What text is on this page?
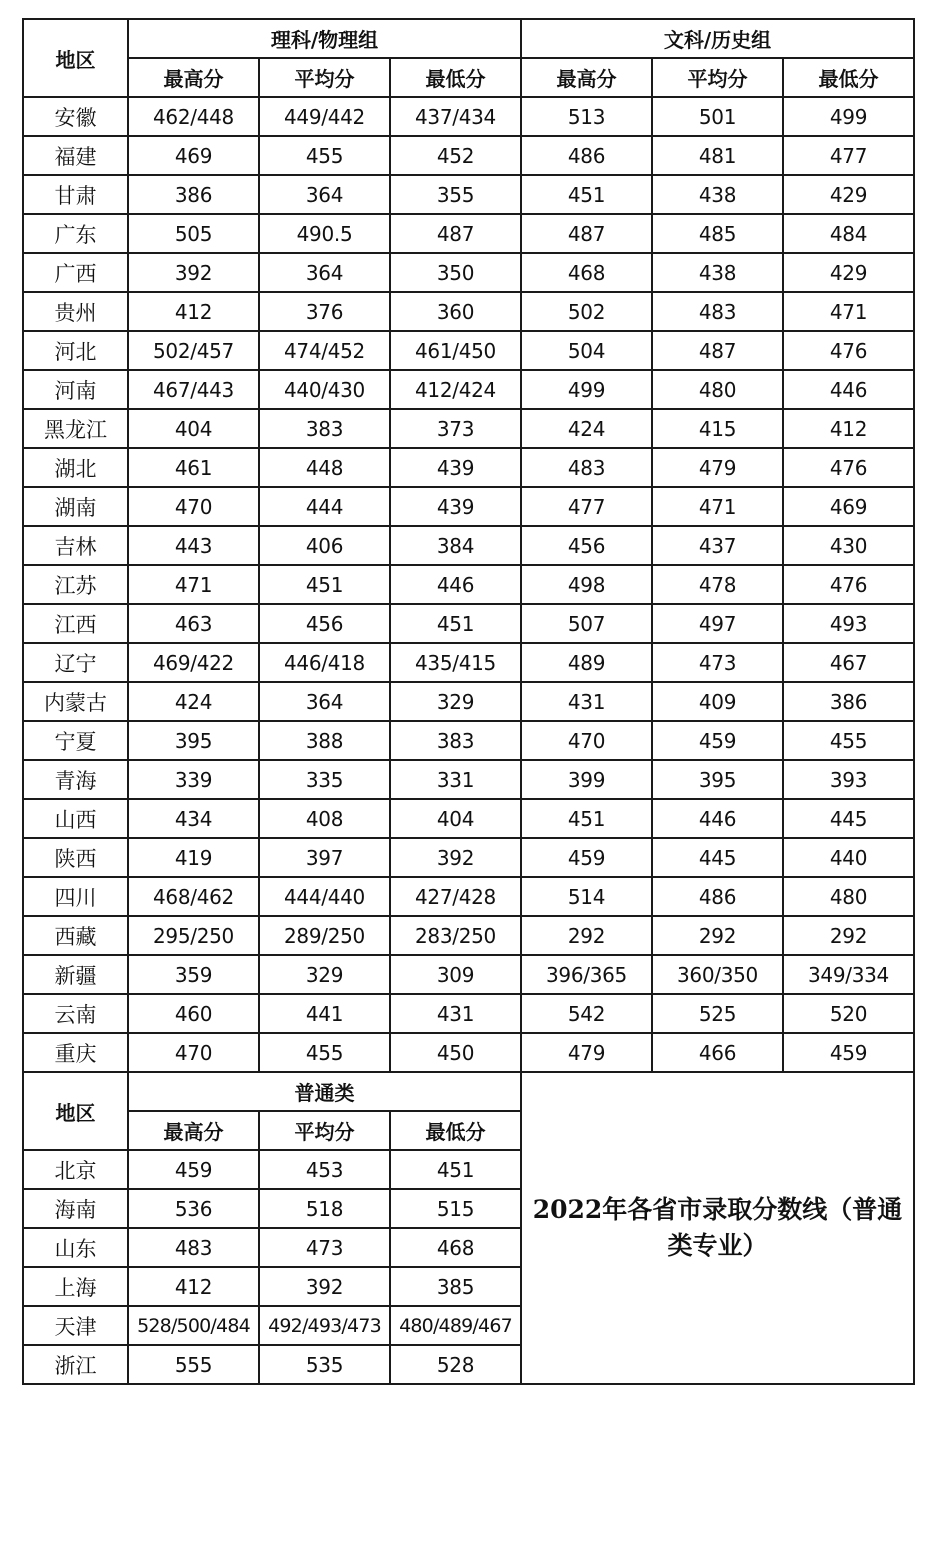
地区	理科/物理组			文科/历史组		
	最高分	平均分	最低分	最高分	平均分	最低分
安徽	462/448	449/442	437/434	513	501	499
福建	469	455	452	486	481	477
甘肃	386	364	355	451	438	429
广东	505	490.5	487	487	485	484
广西	392	364	350	468	438	429
贵州	412	376	360	502	483	471
河北	502/457	474/452	461/450	504	487	476
河南	467/443	440/430	412/424	499	480	446
黑龙江	404	383	373	424	415	412
湖北	461	448	439	483	479	476
湖南	470	444	439	477	471	469
吉林	443	406	384	456	437	430
江苏	471	451	446	498	478	476
江西	463	456	451	507	497	493
辽宁	469/422	446/418	435/415	489	473	467
内蒙古	424	364	329	431	409	386
宁夏	395	388	383	470	459	455
青海	339	335	331	399	395	393
山西	434	408	404	451	446	445
陕西	419	397	392	459	445	440
四川	468/462	444/440	427/428	514	486	480
西藏	295/250	289/250	283/250	292	292	292
新疆	359	329	309	396/365	360/350	349/334
云南	460	441	431	542	525	520
重庆	470	455	450	479	466	459
地区	普通类			2022年各省市录取分数线（普通类专业）		
	最高分	平均分	最低分			
北京	459	453	451			
海南	536	518	515			
山东	483	473	468			
上海	412	392	385			
天津	528/500/484	492/493/473	480/489/467			
浙江	555	535	528			
